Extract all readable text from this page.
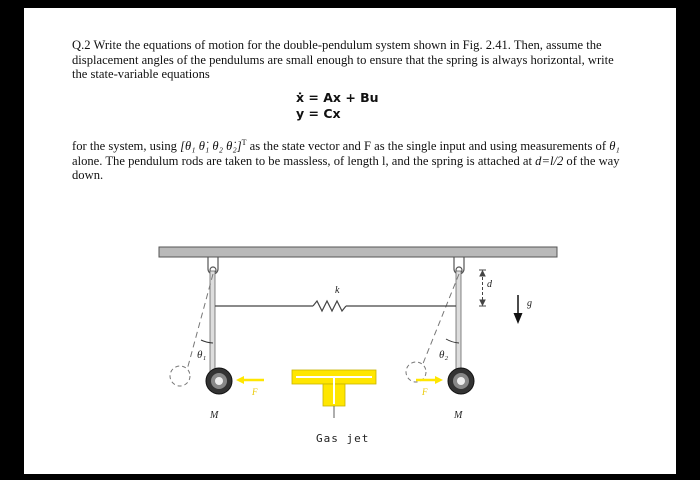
Q.2 Write the equations of motion for the double-pendulum system shown in Fig. 2.41. Then, assume the displacement angles of the pendulums are small enough to ensure that the spring is always horizontal, write the state-variable equations

ẋ = Ax + Bu
y = Cx

for the system, using [θ₁ θ̇₁ θ₂ θ̇₂]$^T$ as the state vector and F as the single input and using measurements of θ₁ alone. The pendulum rods are taken to be massless, of length l, and the spring is attached at d=l/2 of the way down.

k
d
g
θ₁	θ₂
M	M
F	F
Gas jet
